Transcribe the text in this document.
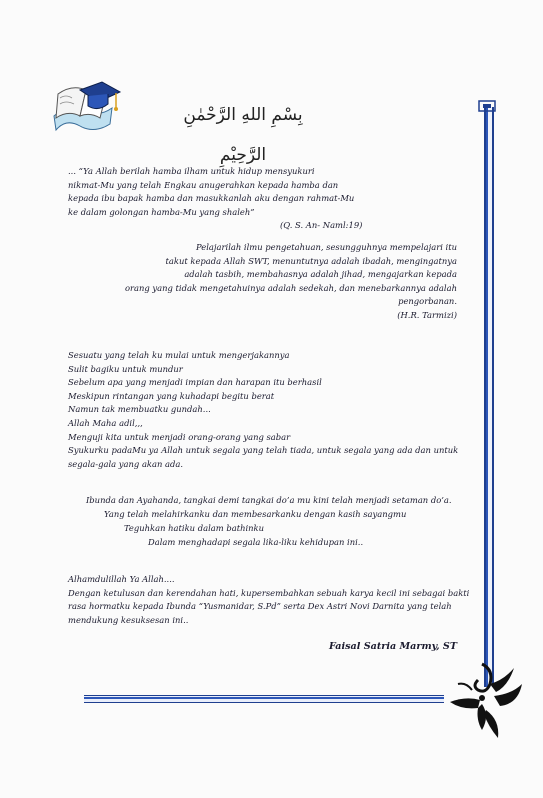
بِسْمِ اللهِ الرَّحْمٰنِ الرَّحِيْمِ
... “Ya Allah berilah hamba ilham untuk hidup mensyukuri
nikmat-Mu yang telah Engkau anugerahkan kepada hamba dan
kepada ibu bapak hamba dan masukkanlah aku dengan rahmat-Mu
ke dalam golongan hamba-Mu yang shaleh”
(Q. S. An- Naml:19)
Pelajarilah ilmu pengetahuan, sesungguhnya mempelajari itu
takut kepada Allah SWT, menuntutnya adalah ibadah, mengingatnya
adalah tasbih, membahasnya adalah jihad, mengajarkan kepada
orang yang tidak mengetahuinya adalah sedekah, dan menebarkannya adalah
pengorbanan.
(H.R. Tarmizi)
Sesuatu yang telah ku mulai untuk mengerjakannya
Sulit bagiku untuk mundur
Sebelum apa yang menjadi impian dan harapan itu berhasil
Meskipun rintangan yang kuhadapi begitu berat
Namun tak membuatku gundah...
Allah Maha adil,,,
Menguji kita untuk menjadi orang-orang yang sabar
Syukurku padaMu ya Allah untuk segala yang telah tiada, untuk segala yang ada dan untuk
segala-gala yang akan ada.
Ibunda dan Ayahanda, tangkai demi tangkai do’a mu kini telah menjadi setaman do’a.
Yang telah melahirkanku dan membesarkanku dengan kasih sayangmu
Teguhkan hatiku dalam bathinku
Dalam menghadapi segala lika-liku kehidupan ini..
Alhamdulillah Ya Allah....
Dengan ketulusan dan kerendahan hati, kupersembahkan sebuah karya kecil ini sebagai bakti
rasa hormatku kepada Ibunda “Yusmanidar, S.Pd” serta Dex Astri Novi Darnita yang telah
mendukung kesuksesan ini..
Faisal Satria Marmy, ST
